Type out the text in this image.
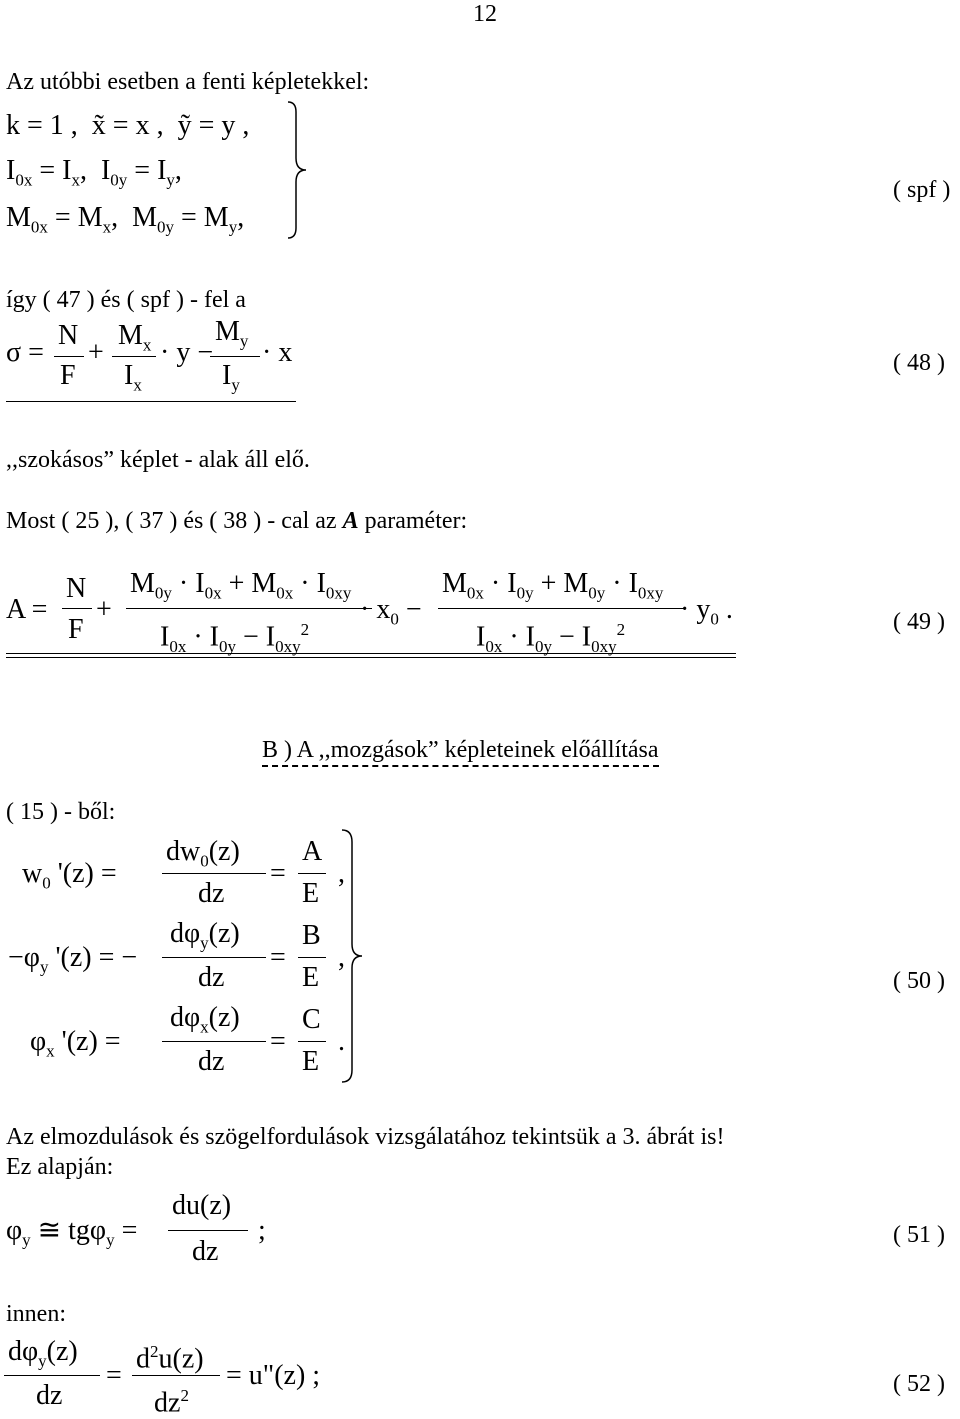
12
Az utóbbi esetben a fenti képletekkel:
k = 1 ,  x̃ = x ,  ỹ = y ,
$I_{0x} = I_x$,  $I_{0y} = I_y$,
$M_{0x} = M_x$,  $M_{0y} = M_y$,
( spf )
így ( 47 ) és ( spf ) - fel a
σ =
N
F
+
$M_x$
$I_x$
· y −
$M_y$
$I_y$
· x	( 48 )
,,szokásos” képlet - alak áll elő.
Most ( 25 ), ( 37 ) és ( 38 ) - cal az A paraméter:
A =
N
F
+
$M_{0y} \cdot I_{0x} + M_{0x} \cdot I_{0xy}$
$I_{0x} \cdot I_{0y} - I_{0xy}^2$
· $x_0$ −
$M_{0x} \cdot I_{0y} + M_{0y} \cdot I_{0xy}$
$I_{0x} \cdot I_{0y} - I_{0xy}^2$
· $y_0$ .	( 49 )
B ) A ,,mozgások” képleteinek előállítása
( 15 ) - ből:
$w_0$ '(z) =
$dw_0(z)$
dz
=
A
E
,
$-\varphi_y$ '(z) = −
$d\varphi_y(z)$
dz
=
B
E
,
$\varphi_x$ '(z) =
$d\varphi_x(z)$
dz
=
C
E
.
( 50 )
Az elmozdulások és szögelfordulások vizsgálatához tekintsük a 3. ábrát is!
Ez alapján:
$\varphi_y$ ≅ tgφ$_y$ =
du(z)
dz
;	( 51 )
innen:
$d\varphi_y(z)$
dz
=
$d^2u(z)$
$dz^2$
= u"(z) ;	( 52 )
